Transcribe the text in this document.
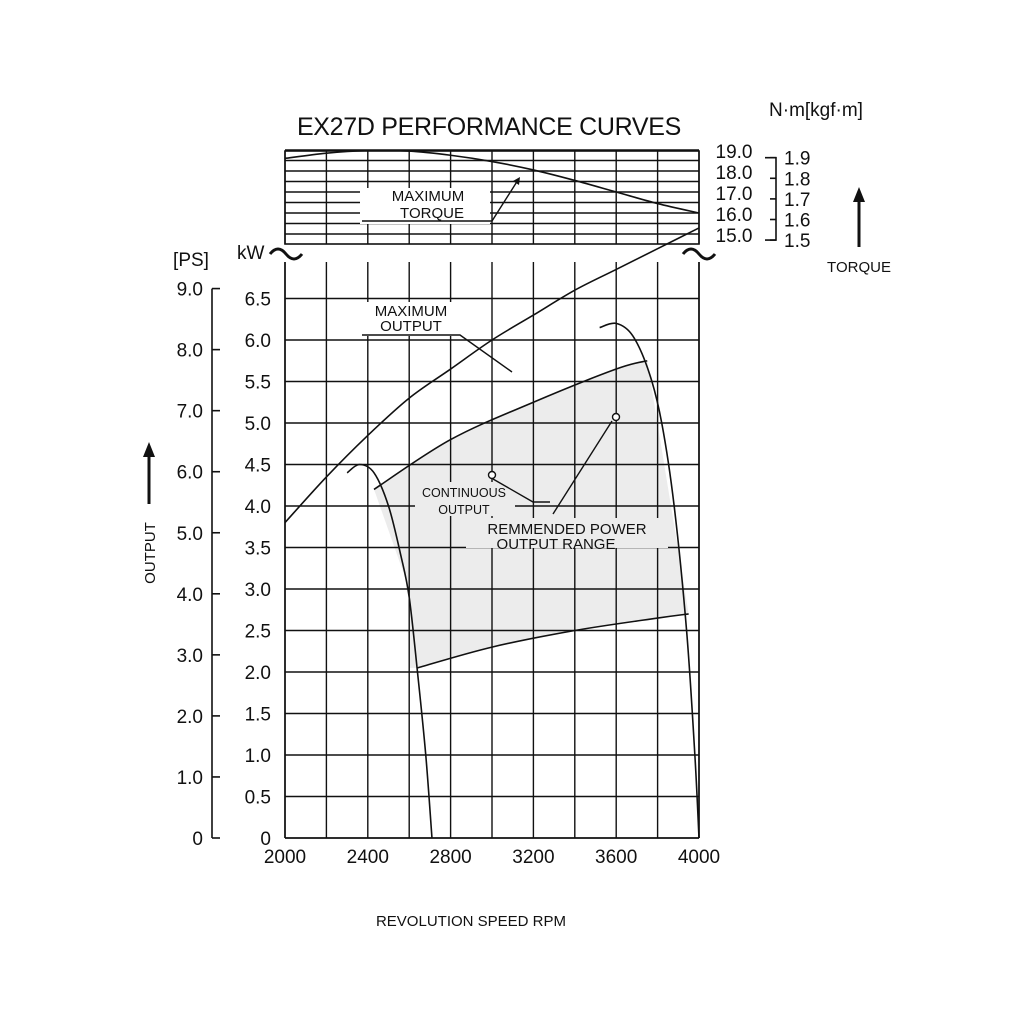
EX27D PERFORMANCE CURVES
N·m[kgf·m]
[PS] kW
REVOLUTION SPEED RPM
OUTPUT
TORQUE
2000 2400 2800 3200 3600 4000
0
0.5
1.0
1.5
2.0
2.5
3.0
3.5
4.0
4.5
5.0
5.5
6.0
6.5
0
1.0
2.0
3.0
4.0
5.0
6.0
7.0
8.0
9.0
15.0
16.0
17.0
18.0
19.0
1.5
1.6
1.7
1.8
1.9
MAXIMUM
TORQUE
MAXIMUM
OUTPUT
CONTINUOUS
OUTPUT
REMMENDED POWER
OUTPUT RANGE
